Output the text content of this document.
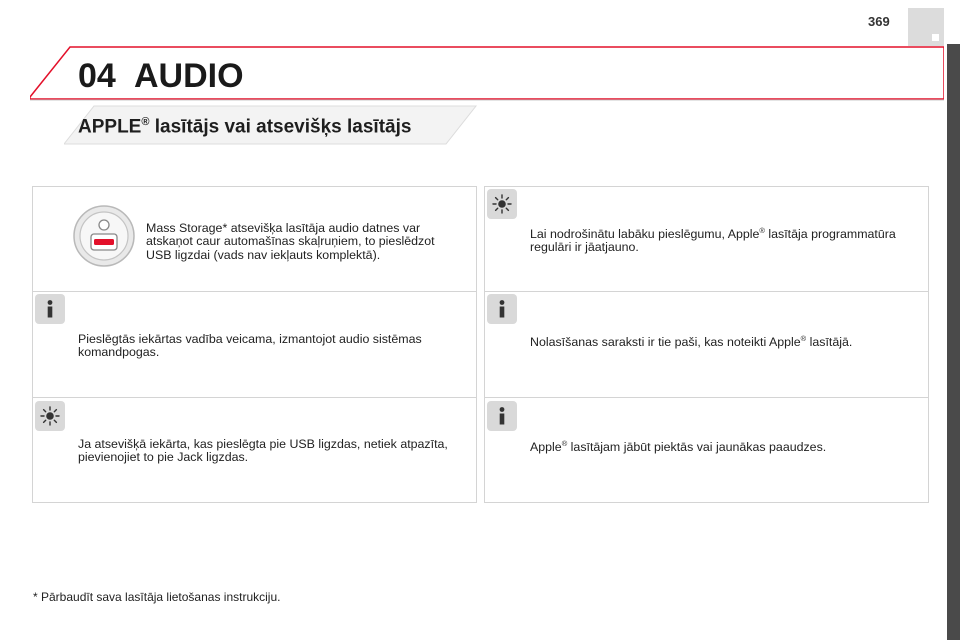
369
04 AUDIO
APPLE® lasītājs vai atsevišķs lasītājs
Mass Storage* atsevišķa lasītāja audio datnes var atskaņot caur automašīnas skaļruņiem, to pieslēdzot USB ligzdai (vads nav iekļauts komplektā).
Pieslēgtās iekārtas vadība veicama, izmantojot audio sistēmas komandpogas.
Ja atsevišķā iekārta, kas pieslēgta pie USB ligzdas, netiek atpazīta, pievienojiet to pie Jack ligzdas.
Lai nodrošinātu labāku pieslēgumu, Apple® lasītāja programmatūra regulāri ir jāatjauno.
Nolasīšanas saraksti ir tie paši, kas noteikti Apple® lasītājā.
Apple® lasītājam jābūt piektās vai jaunākas paaudzes.
* Pārbaudīt sava lasītāja lietošanas instrukciju.
